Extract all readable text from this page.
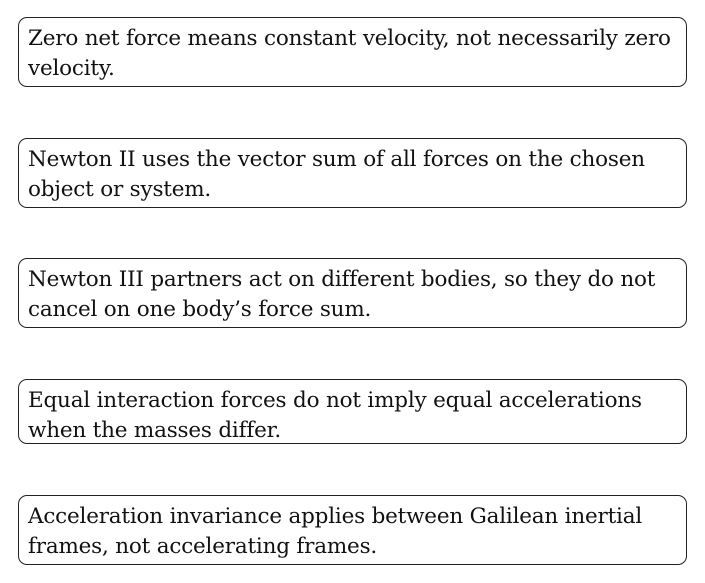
Zero net force means constant velocity, not necessarily zero velocity.
Newton II uses the vector sum of all forces on the chosen object or system.
Newton III partners act on different bodies, so they do not cancel on one body’s force sum.
Equal interaction forces do not imply equal accelerations when the masses differ.
Acceleration invariance applies between Galilean inertial frames, not accelerating frames.
